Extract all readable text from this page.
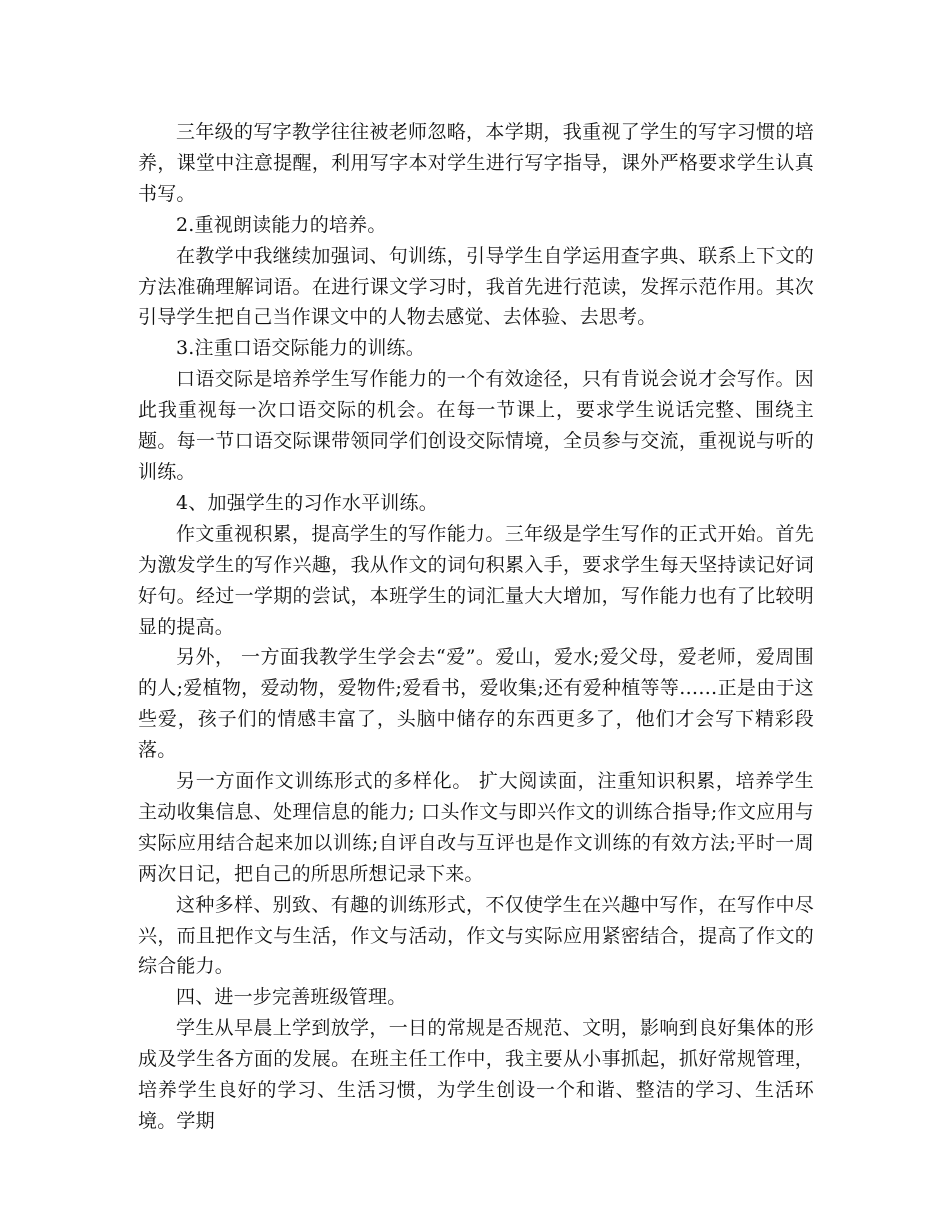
三年级的写字教学往往被老师忽略，本学期，我重视了学生的写字习惯的培养，课堂中注意提醒，利用写字本对学生进行写字指导，课外严格要求学生认真书写。

2.重视朗读能力的培养。

在教学中我继续加强词、句训练，引导学生自学运用查字典、联系上下文的方法准确理解词语。在进行课文学习时，我首先进行范读，发挥示范作用。其次引导学生把自己当作课文中的人物去感觉、去体验、去思考。

3.注重口语交际能力的训练。

口语交际是培养学生写作能力的一个有效途径，只有肯说会说才会写作。因此我重视每一次口语交际的机会。在每一节课上，要求学生说话完整、围绕主题。每一节口语交际课带领同学们创设交际情境，全员参与交流，重视说与听的训练。

4、加强学生的习作水平训练。

作文重视积累，提高学生的写作能力。三年级是学生写作的正式开始。首先为激发学生的写作兴趣，我从作文的词句积累入手，要求学生每天坚持读记好词好句。经过一学期的尝试，本班学生的词汇量大大增加，写作能力也有了比较明显的提高。

另外， 一方面我教学生学会去“爱”。爱山，爱水;爱父母，爱老师，爱周围的人;爱植物，爱动物，爱物件;爱看书，爱收集;还有爱种植等等……正是由于这些爱，孩子们的情感丰富了，头脑中储存的东西更多了，他们才会写下精彩段落。

另一方面作文训练形式的多样化。 扩大阅读面，注重知识积累，培养学生主动收集信息、处理信息的能力; 口头作文与即兴作文的训练合指导;作文应用与实际应用结合起来加以训练;自评自改与互评也是作文训练的有效方法;平时一周两次日记，把自己的所思所想记录下来。

这种多样、别致、有趣的训练形式，不仅使学生在兴趣中写作，在写作中尽兴，而且把作文与生活，作文与活动，作文与实际应用紧密结合，提高了作文的综合能力。

四、进一步完善班级管理。

学生从早晨上学到放学，一日的常规是否规范、文明，影响到良好集体的形成及学生各方面的发展。在班主任工作中，我主要从小事抓起，抓好常规管理，培养学生良好的学习、生活习惯，为学生创设一个和谐、整洁的学习、生活环境。学期
